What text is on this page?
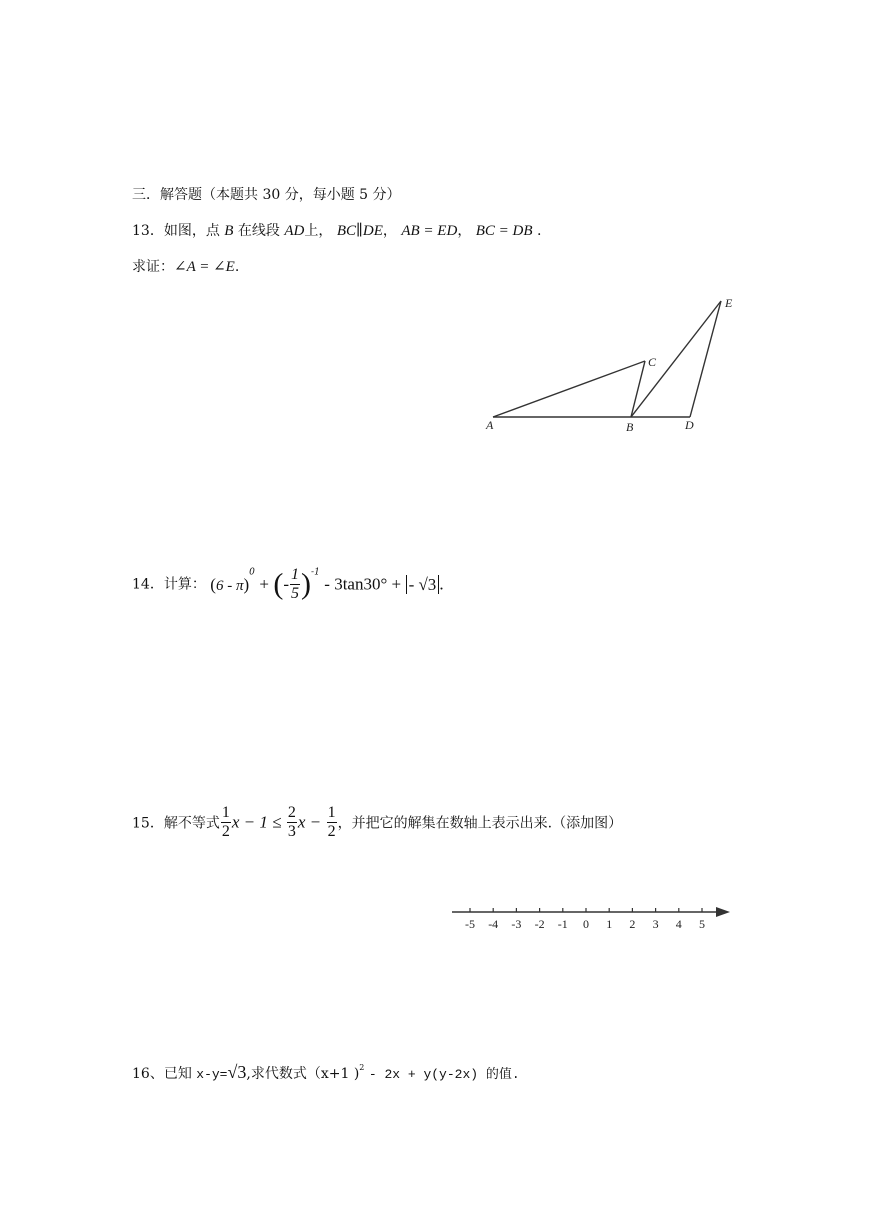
三．解答题（本题共 30 分，每小题 5 分）
13．如图，点 B 在线段 AD上， BC∥DE， AB = ED， BC = DB .
求证：∠A = ∠E.
A	B
C
D
E
14．计算： (6 - π)$^0$ + (- $\frac{1}{5} )^{-1} - 3\tan 30^\circ$ + - √3 .
15．解不等式 $\frac{1}{2}$ $x - 1 \le \frac{2}{3}$ $x - \frac{1}{2}$ ，并把它的解集在数轴上表示出来.（添加图）
-5 -4 -3 -2 -1 0 1 2 3 4 5
16、已知 x-y=√3,求代数式（x+1 )$^2$ - 2x + y(y-2x) 的值.
